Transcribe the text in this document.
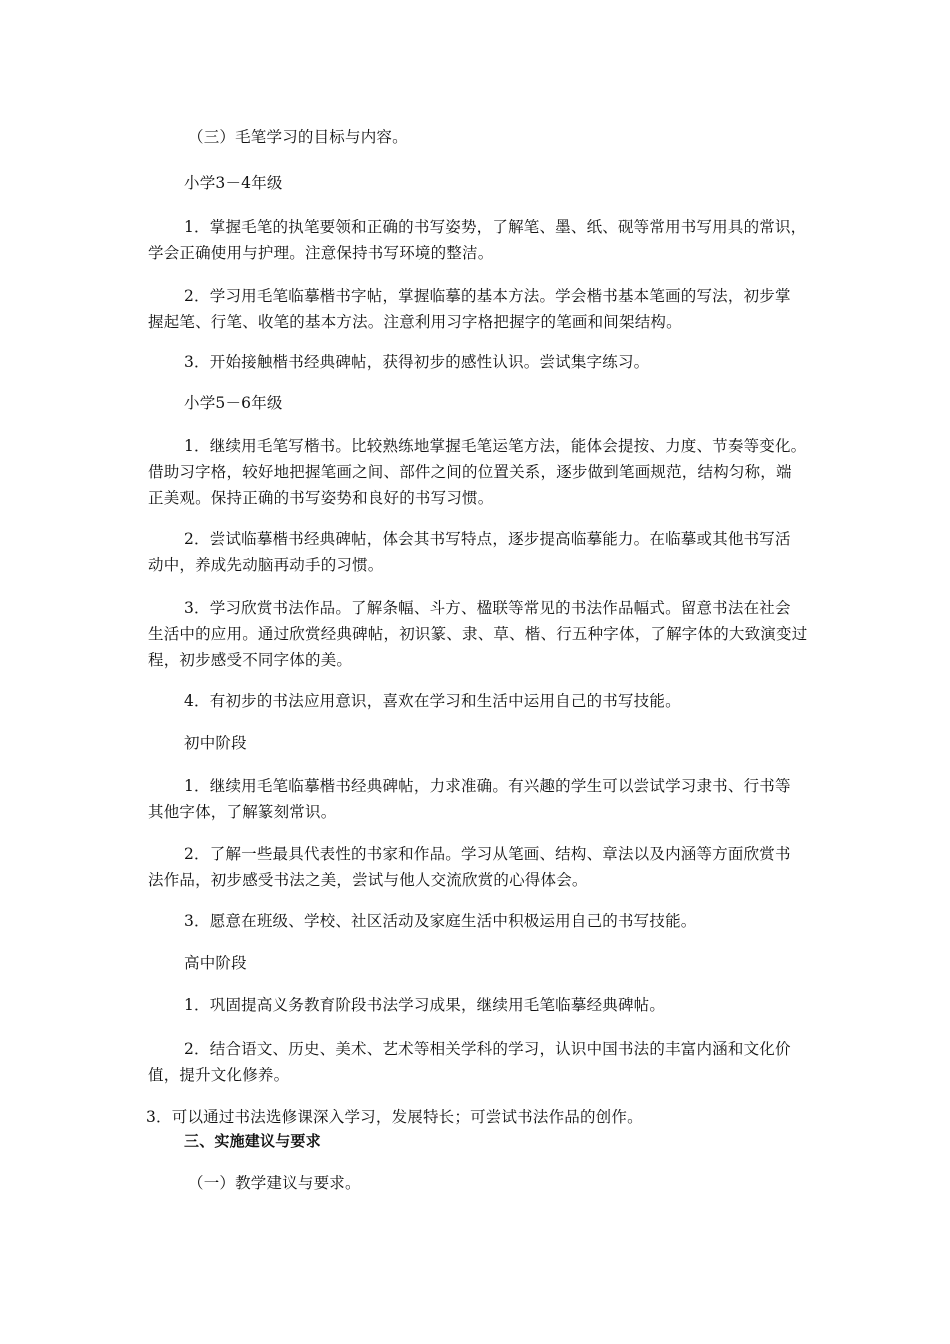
（三）毛笔学习的目标与内容。
小学3－4年级
1．掌握毛笔的执笔要领和正确的书写姿势，了解笔、墨、纸、砚等常用书写用具的常识，
学会正确使用与护理。注意保持书写环境的整洁。
2．学习用毛笔临摹楷书字帖，掌握临摹的基本方法。学会楷书基本笔画的写法，初步掌
握起笔、行笔、收笔的基本方法。注意利用习字格把握字的笔画和间架结构。
3．开始接触楷书经典碑帖，获得初步的感性认识。尝试集字练习。
小学5－6年级
1．继续用毛笔写楷书。比较熟练地掌握毛笔运笔方法，能体会提按、力度、节奏等变化。
借助习字格，较好地把握笔画之间、部件之间的位置关系，逐步做到笔画规范，结构匀称，端
正美观。保持正确的书写姿势和良好的书写习惯。
2．尝试临摹楷书经典碑帖，体会其书写特点，逐步提高临摹能力。在临摹或其他书写活
动中，养成先动脑再动手的习惯。
3．学习欣赏书法作品。了解条幅、斗方、楹联等常见的书法作品幅式。留意书法在社会
生活中的应用。通过欣赏经典碑帖，初识篆、隶、草、楷、行五种字体，了解字体的大致演变过
程，初步感受不同字体的美。
4．有初步的书法应用意识，喜欢在学习和生活中运用自己的书写技能。
初中阶段
1．继续用毛笔临摹楷书经典碑帖，力求准确。有兴趣的学生可以尝试学习隶书、行书等
其他字体，了解篆刻常识。
2．了解一些最具代表性的书家和作品。学习从笔画、结构、章法以及内涵等方面欣赏书
法作品，初步感受书法之美，尝试与他人交流欣赏的心得体会。
3．愿意在班级、学校、社区活动及家庭生活中积极运用自己的书写技能。
高中阶段
1．巩固提高义务教育阶段书法学习成果，继续用毛笔临摹经典碑帖。
2．结合语文、历史、美术、艺术等相关学科的学习，认识中国书法的丰富内涵和文化价
值，提升文化修养。
3．可以通过书法选修课深入学习，发展特长；可尝试书法作品的创作。
三、实施建议与要求
（一）教学建议与要求。
